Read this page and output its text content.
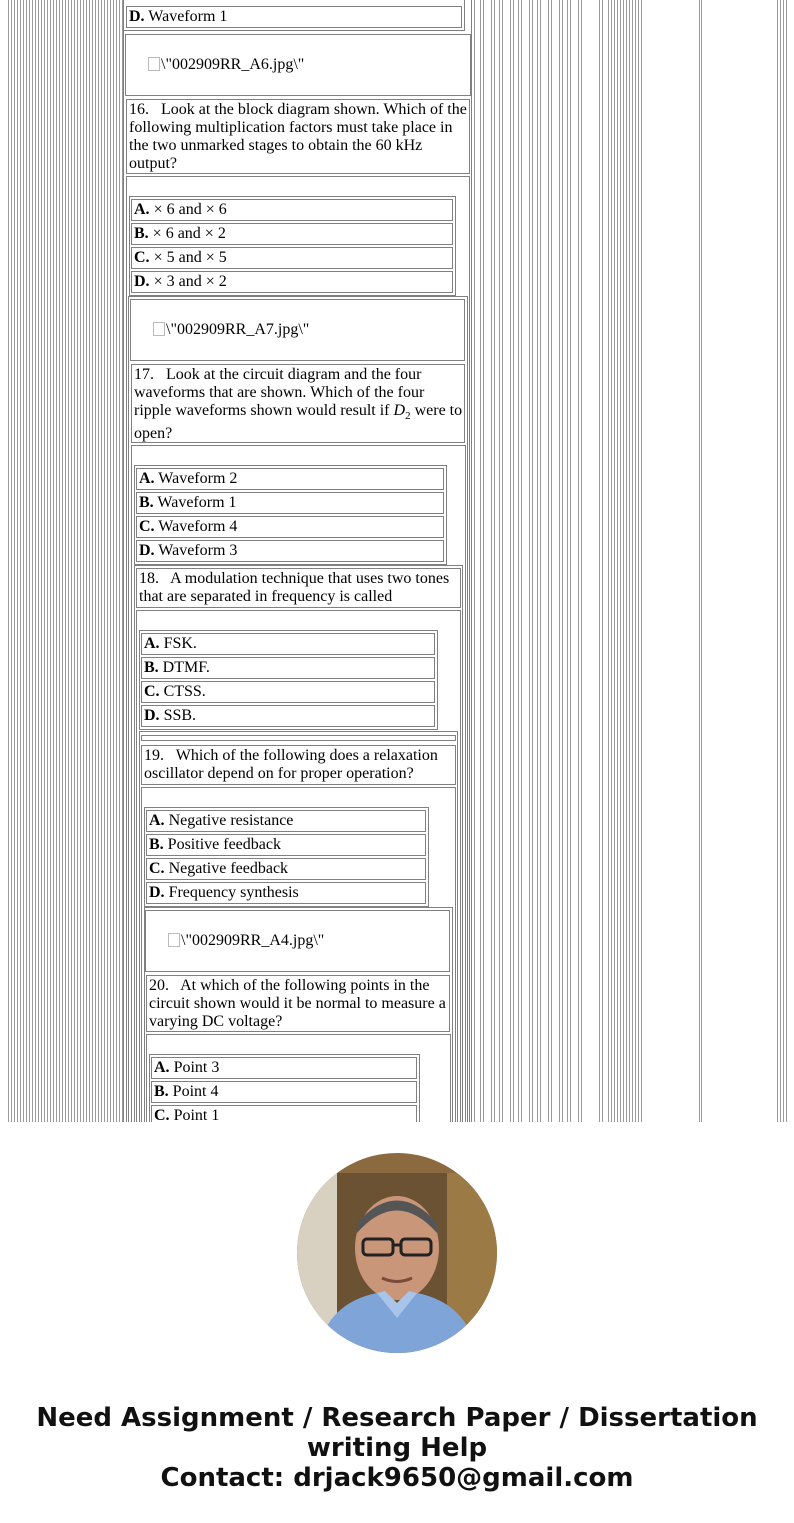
D. Waveform 1
\"002909RR_A6.jpg\"
16. Look at the block diagram shown. Which of the following multiplication factors must take place in the two unmarked stages to obtain the 60 kHz output?
A. × 6 and × 6
B. × 6 and × 2
C. × 5 and × 5
D. × 3 and × 2
\"002909RR_A7.jpg\"
17. Look at the circuit diagram and the four waveforms that are shown. Which of the four ripple waveforms shown would result if $D_2$ were to open?
A. Waveform 2
B. Waveform 1
C. Waveform 4
D. Waveform 3
18. A modulation technique that uses two tones that are separated in frequency is called
A. FSK.
B. DTMF.
C. CTSS.
D. SSB.
19. Which of the following does a relaxation oscillator depend on for proper operation?
A. Negative resistance
B. Positive feedback
C. Negative feedback
D. Frequency synthesis
\"002909RR_A4.jpg\"
20. At which of the following points in the circuit shown would it be normal to measure a varying DC voltage?
A. Point 3
B. Point 4
C. Point 1
Need Assignment / Research Paper / Dissertation
writing Help
Contact: drjack9650@gmail.com
